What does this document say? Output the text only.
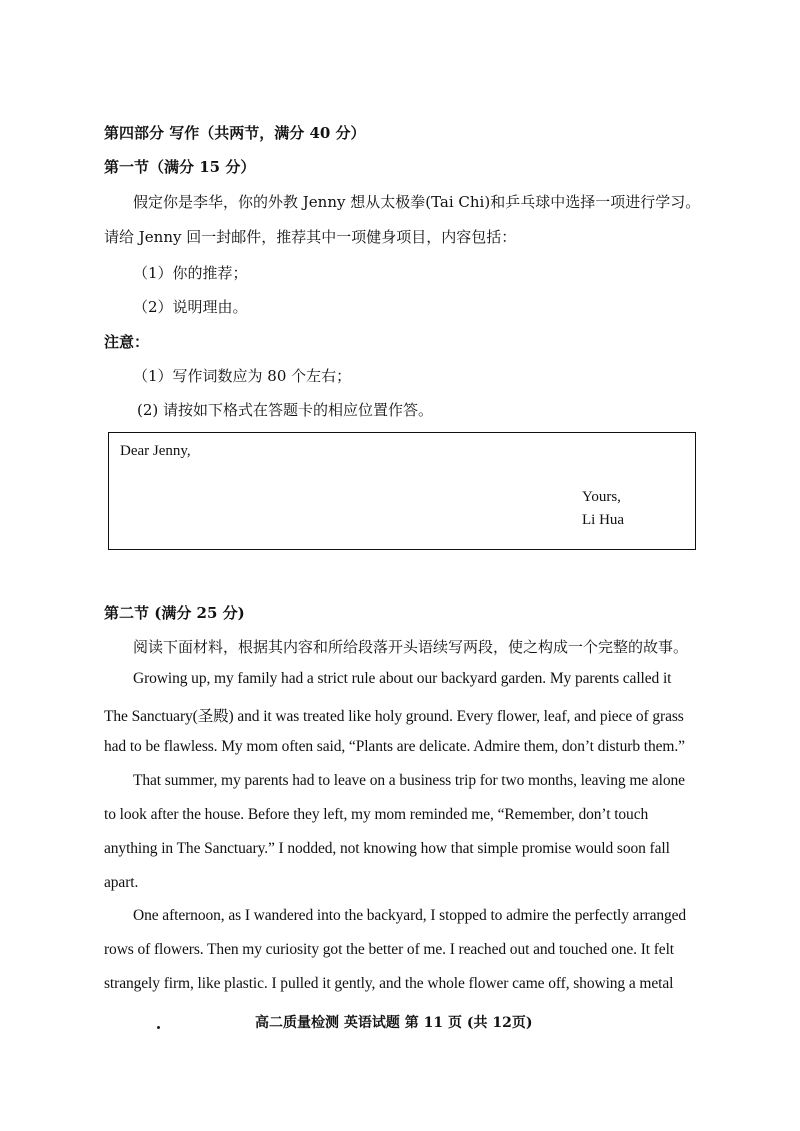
第四部分 写作（共两节，满分 40 分）
第一节（满分 15 分）
假定你是李华，你的外教 Jenny 想从太极拳(Tai Chi)和乒乓球中选择一项进行学习。
请给 Jenny 回一封邮件，推荐其中一项健身项目，内容包括：
（1）你的推荐；
（2）说明理由。
注意：
（1）写作词数应为 80 个左右；
(2) 请按如下格式在答题卡的相应位置作答。
Dear Jenny,
Yours,
Li Hua
第二节 (满分 25 分)
阅读下面材料，根据其内容和所给段落开头语续写两段，使之构成一个完整的故事。
Growing up, my family had a strict rule about our backyard garden. My parents called it
The Sanctuary(圣殿) and it was treated like holy ground. Every flower, leaf, and piece of grass
had to be flawless. My mom often said, “Plants are delicate. Admire them, don’t disturb them.”
That summer, my parents had to leave on a business trip for two months, leaving me alone
to look after the house. Before they left, my mom reminded me, “Remember, don’t touch
anything in The Sanctuary.” I nodded, not knowing how that simple promise would soon fall
apart.
One afternoon, as I wandered into the backyard, I stopped to admire the perfectly arranged
rows of flowers. Then my curiosity got the better of me. I reached out and touched one. It felt
strangely firm, like plastic. I pulled it gently, and the whole flower came off, showing a metal
高二质量检测 英语试题 第 11 页 (共 12页)
